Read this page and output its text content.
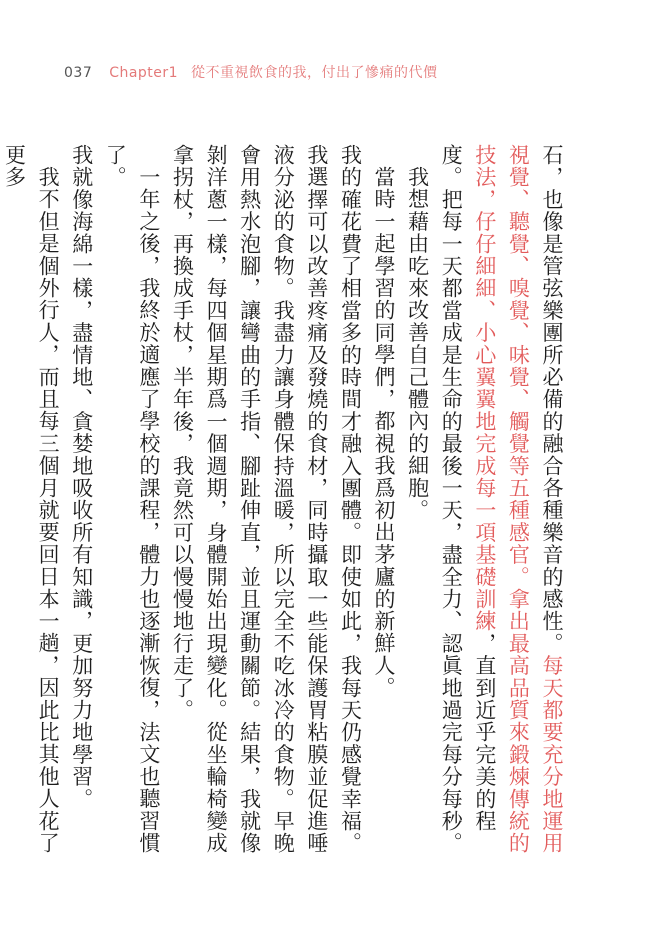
037 Chapter1 從不重視飲食的我，付出了慘痛的代價

石，也像是管弦樂團所必備的融合各種樂音的感性。每天都要充分地運用視覺、聽覺、嗅覺、味覺、觸覺等五種感官。拿出最高品質來鍛煉傳統的技法，仔仔細細、小心翼翼地完成每一項基礎訓練，直到近乎完美的程度。把每一天都當成是生命的最後一天，盡全力、認眞地過完每分每秒。

我想藉由吃來改善自己體內的細胞。

當時一起學習的同學們，都視我爲初出茅廬的新鮮人。

我的確花費了相當多的時間才融入團體。即使如此，我每天仍感覺幸福。

我選擇可以改善疼痛及發燒的食材，同時攝取一些能保護胃粘膜並促進唾液分泌的食物。我盡力讓身體保持溫暖，所以完全不吃冰冷的食物。早晚會用熱水泡腳，讓彎曲的手指、腳趾伸直，並且運動關節。結果，我就像剝洋蔥一樣，每四個星期爲一個週期，身體開始出現變化。從坐輪椅變成拿拐杖，再換成手杖，半年後，我竟然可以慢慢地行走了。

一年之後，我終於適應了學校的課程，體力也逐漸恢復，法文也聽習慣了。

我就像海綿一樣，盡情地、貪婪地吸收所有知識，更加努力地學習。

我不但是個外行人，而且每三個月就要回日本一趟，因此比其他人花了更多
